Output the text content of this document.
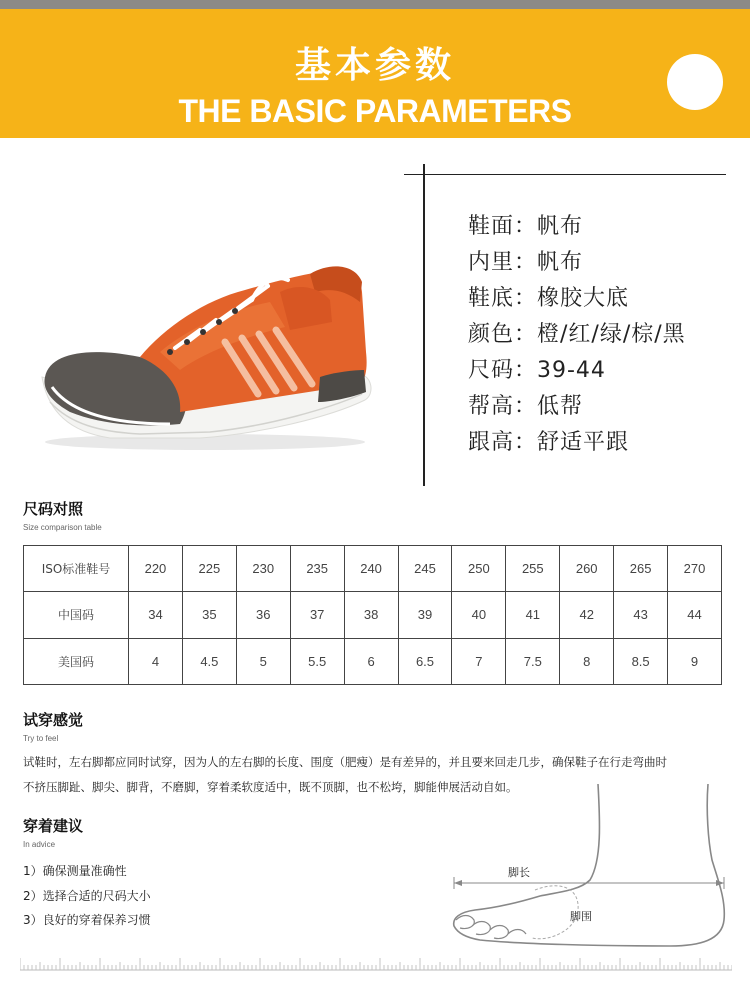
基本参数
THE BASIC PARAMETERS
鞋面：帆布
内里：帆布
鞋底：橡胶大底
颜色：橙/红/绿/棕/黑
尺码：39-44
帮高：低帮
跟高：舒适平跟
尺码对照
Size comparison table
ISO标准鞋号	220	225	230	235	240	245	250	255	260	265	270
中国码	34	35	36	37	38	39	40	41	42	43	44
美国码	4	4.5	5	5.5	6	6.5	7	7.5	8	8.5	9
试穿感觉
Try to feel
试鞋时，左右脚都应同时试穿，因为人的左右脚的长度、围度（肥瘦）是有差异的，并且要来回走几步，确保鞋子在行走弯曲时
不挤压脚趾、脚尖、脚背，不磨脚，穿着柔软度适中，既不顶脚，也不松垮，脚能伸展活动自如。
穿着建议
In advice
1）确保测量准确性
2）选择合适的尺码大小
3）良好的穿着保养习惯
脚长
脚围
